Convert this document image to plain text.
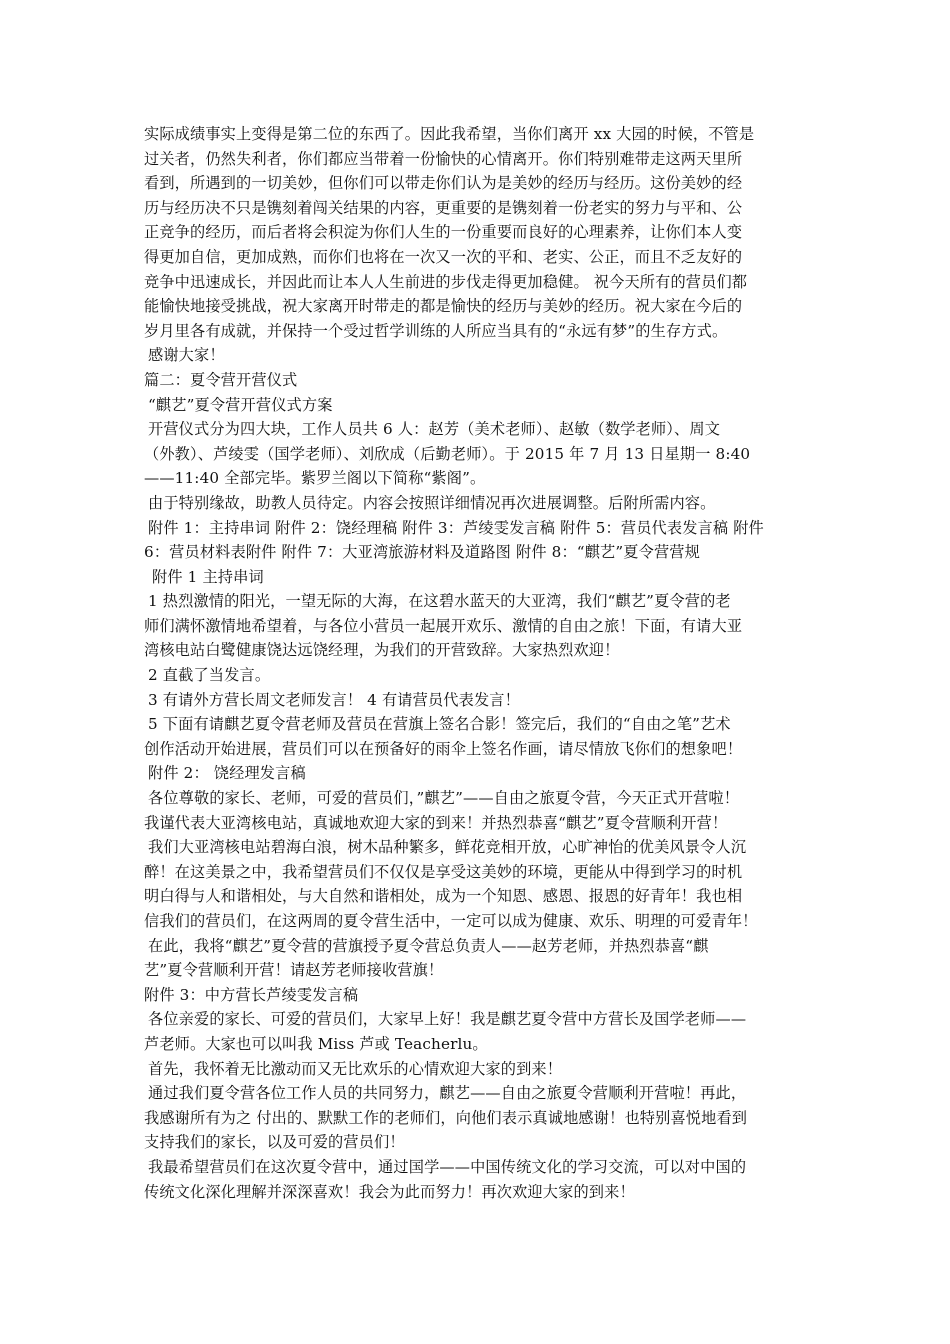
实际成绩事实上变得是第二位的东西了。因此我希望，当你们离开 xx 大园的时候，不管是
过关者，仍然失利者，你们都应当带着一份愉快的心情离开。你们特别难带走这两天里所
看到，所遇到的一切美妙，但你们可以带走你们认为是美妙的经历与经历。这份美妙的经
历与经历决不只是镌刻着闯关结果的内容，更重要的是镌刻着一份老实的努力与平和、公
正竞争的经历，而后者将会积淀为你们人生的一份重要而良好的心理素养，让你们本人变
得更加自信，更加成熟，而你们也将在一次又一次的平和、老实、公正，而且不乏友好的
竞争中迅速成长，并因此而让本人人生前进的步伐走得更加稳健。 祝今天所有的营员们都
能愉快地接受挑战，祝大家离开时带走的都是愉快的经历与美妙的经历。祝大家在今后的
岁月里各有成就，并保持一个受过哲学训练的人所应当具有的“永远有梦”的生存方式。
感谢大家！
篇二：夏令营开营仪式
“麒艺”夏令营开营仪式方案
开营仪式分为四大块，工作人员共 6 人：赵芳（美术老师）、赵敏（数学老师）、周文
（外教）、芦绫雯（国学老师）、刘欣成（后勤老师）。于 2015 年 7 月 13 日星期一 8:40
——11:40 全部完毕。紫罗兰阁以下简称“紫阁”。
由于特别缘故，助教人员待定。内容会按照详细情况再次进展调整。后附所需内容。
附件 1：主持串词 附件 2：饶经理稿 附件 3：芦绫雯发言稿 附件 5：营员代表发言稿 附件
6：营员材料表附件 附件 7：大亚湾旅游材料及道路图 附件 8：“麒艺”夏令营营规
附件 1 主持串词
1 热烈激情的阳光，一望无际的大海，在这碧水蓝天的大亚湾，我们“麒艺”夏令营的老
师们满怀激情地希望着，与各位小营员一起展开欢乐、激情的自由之旅！下面，有请大亚
湾核电站白鹭健康饶达远饶经理，为我们的开营致辞。大家热烈欢迎！
2 直截了当发言。
3 有请外方营长周文老师发言！ 4 有请营员代表发言！
5 下面有请麒艺夏令营老师及营员在营旗上签名合影！签完后，我们的“自由之笔”艺术
创作活动开始进展，营员们可以在预备好的雨伞上签名作画，请尽情放飞你们的想象吧！
附件 2： 饶经理发言稿
各位尊敬的家长、老师，可爱的营员们，”麒艺”——自由之旅夏令营，今天正式开营啦！
我谨代表大亚湾核电站，真诚地欢迎大家的到来！并热烈恭喜“麒艺”夏令营顺利开营！
我们大亚湾核电站碧海白浪，树木品种繁多，鲜花竞相开放，心旷神怡的优美风景令人沉
醉！在这美景之中，我希望营员们不仅仅是享受这美妙的环境，更能从中得到学习的时机
明白得与人和谐相处，与大自然和谐相处，成为一个知恩、感恩、报恩的好青年！我也相
信我们的营员们，在这两周的夏令营生活中，一定可以成为健康、欢乐、明理的可爱青年！
在此，我将“麒艺”夏令营的营旗授予夏令营总负责人——赵芳老师，并热烈恭喜“麒
艺”夏令营顺利开营！请赵芳老师接收营旗！
附件 3：中方营长芦绫雯发言稿
各位亲爱的家长、可爱的营员们，大家早上好！我是麒艺夏令营中方营长及国学老师——
芦老师。大家也可以叫我 Miss 芦或 Teacherlu。
首先，我怀着无比激动而又无比欢乐的心情欢迎大家的到来！
通过我们夏令营各位工作人员的共同努力，麒艺——自由之旅夏令营顺利开营啦！再此，
我感谢所有为之 付出的、默默工作的老师们，向他们表示真诚地感谢！也特别喜悦地看到
支持我们的家长，以及可爱的营员们！
我最希望营员们在这次夏令营中，通过国学——中国传统文化的学习交流，可以对中国的
传统文化深化理解并深深喜欢！我会为此而努力！再次欢迎大家的到来！
